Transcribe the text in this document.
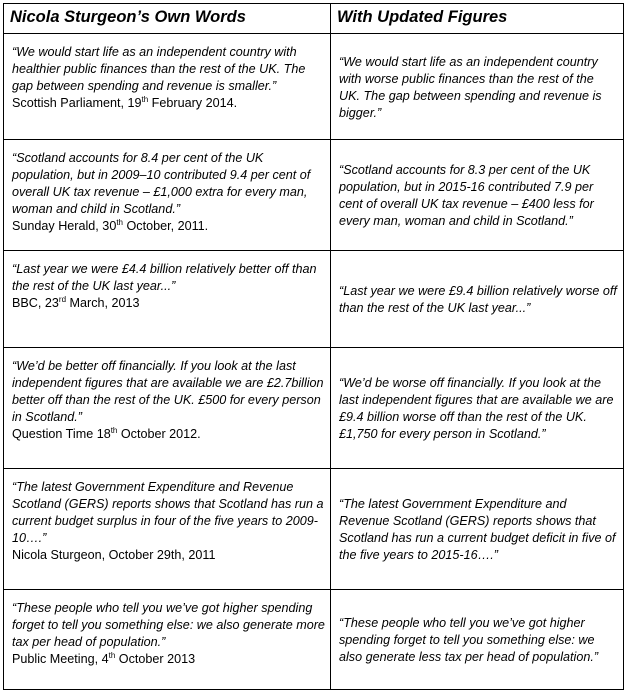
Nicola Sturgeon’s Own Words	With Updated Figures

“We would start life as an independent country with healthier public finances than the rest of the UK. The gap between spending and revenue is smaller.”
Scottish Parliament, 19th February 2014.	“We would start life as an independent country with worse public finances than the rest of the UK. The gap between spending and revenue is bigger.”

“Scotland accounts for 8.4 per cent of the UK population, but in 2009–10 contributed 9.4 per cent of overall UK tax revenue – £1,000 extra for every man, woman and child in Scotland.”
Sunday Herald, 30th October, 2011.	“Scotland accounts for 8.3 per cent of the UK population, but in 2015-16 contributed 7.9 per cent of overall UK tax revenue – £400 less for every man, woman and child in Scotland.”

“Last year we were £4.4 billion relatively better off than the rest of the UK last year...”
BBC, 23rd March, 2013	“Last year we were £9.4 billion relatively worse off than the rest of the UK last year...”

“We’d be better off financially. If you look at the last independent figures that are available we are £2.7billion better off than the rest of the UK. £500 for every person in Scotland.”
Question Time 18th October 2012.	“We’d be worse off financially. If you look at the last independent figures that are available we are £9.4 billion worse off than the rest of the UK. £1,750 for every person in Scotland.”

“The latest Government Expenditure and Revenue Scotland (GERS) reports shows that Scotland has run a current budget surplus in four of the five years to 2009-10….”
Nicola Sturgeon, October 29th, 2011	“The latest Government Expenditure and Revenue Scotland (GERS) reports shows that Scotland has run a current budget deficit in five of the five years to 2015-16….”

“These people who tell you we’ve got higher spending forget to tell you something else: we also generate more tax per head of population.”
Public Meeting, 4th October 2013	“These people who tell you we’ve got higher spending forget to tell you something else: we also generate less tax per head of population.”
